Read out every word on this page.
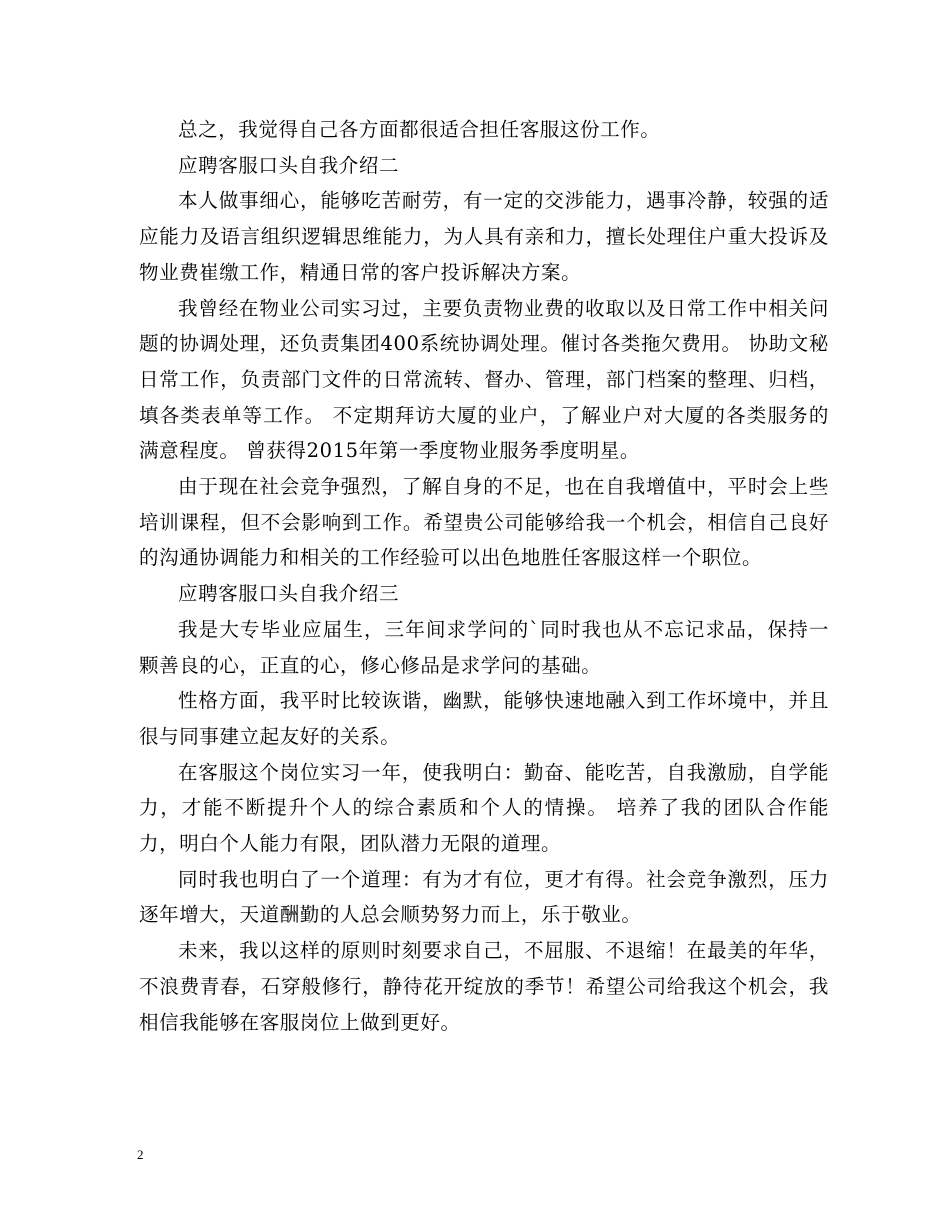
总之，我觉得自己各方面都很适合担任客服这份工作。

应聘客服口头自我介绍二

本人做事细心，能够吃苦耐劳，有一定的交涉能力，遇事冷静，较强的适应能力及语言组织逻辑思维能力，为人具有亲和力，擅长处理住户重大投诉及物业费崔缴工作，精通日常的客户投诉解决方案。

我曾经在物业公司实习过，主要负责物业费的收取以及日常工作中相关问题的协调处理，还负责集团400系统协调处理。催讨各类拖欠费用。 协助文秘日常工作，负责部门文件的日常流转、督办、管理，部门档案的整理、归档，填各类表单等工作。 不定期拜访大厦的业户，了解业户对大厦的各类服务的满意程度。 曾获得2015年第一季度物业服务季度明星。

由于现在社会竞争强烈，了解自身的不足，也在自我增值中，平时会上些培训课程，但不会影响到工作。希望贵公司能够给我一个机会，相信自己良好的沟通协调能力和相关的工作经验可以出色地胜任客服这样一个职位。

应聘客服口头自我介绍三

我是大专毕业应届生，三年间求学问的`同时我也从不忘记求品，保持一颗善良的心，正直的心，修心修品是求学问的基础。

性格方面，我平时比较诙谐，幽默，能够快速地融入到工作坏境中，并且很与同事建立起友好的关系。

在客服这个岗位实习一年，使我明白：勤奋、能吃苦，自我激励，自学能力，才能不断提升个人的综合素质和个人的情操。 培养了我的团队合作能力，明白个人能力有限，团队潜力无限的道理。

同时我也明白了一个道理：有为才有位，更才有得。社会竞争激烈，压力逐年增大，天道酬勤的人总会顺势努力而上，乐于敬业。

未来，我以这样的原则时刻要求自己，不屈服、不退缩！在最美的年华，不浪费青春，石穿般修行，静待花开绽放的季节！希望公司给我这个机会，我相信我能够在客服岗位上做到更好。

2
